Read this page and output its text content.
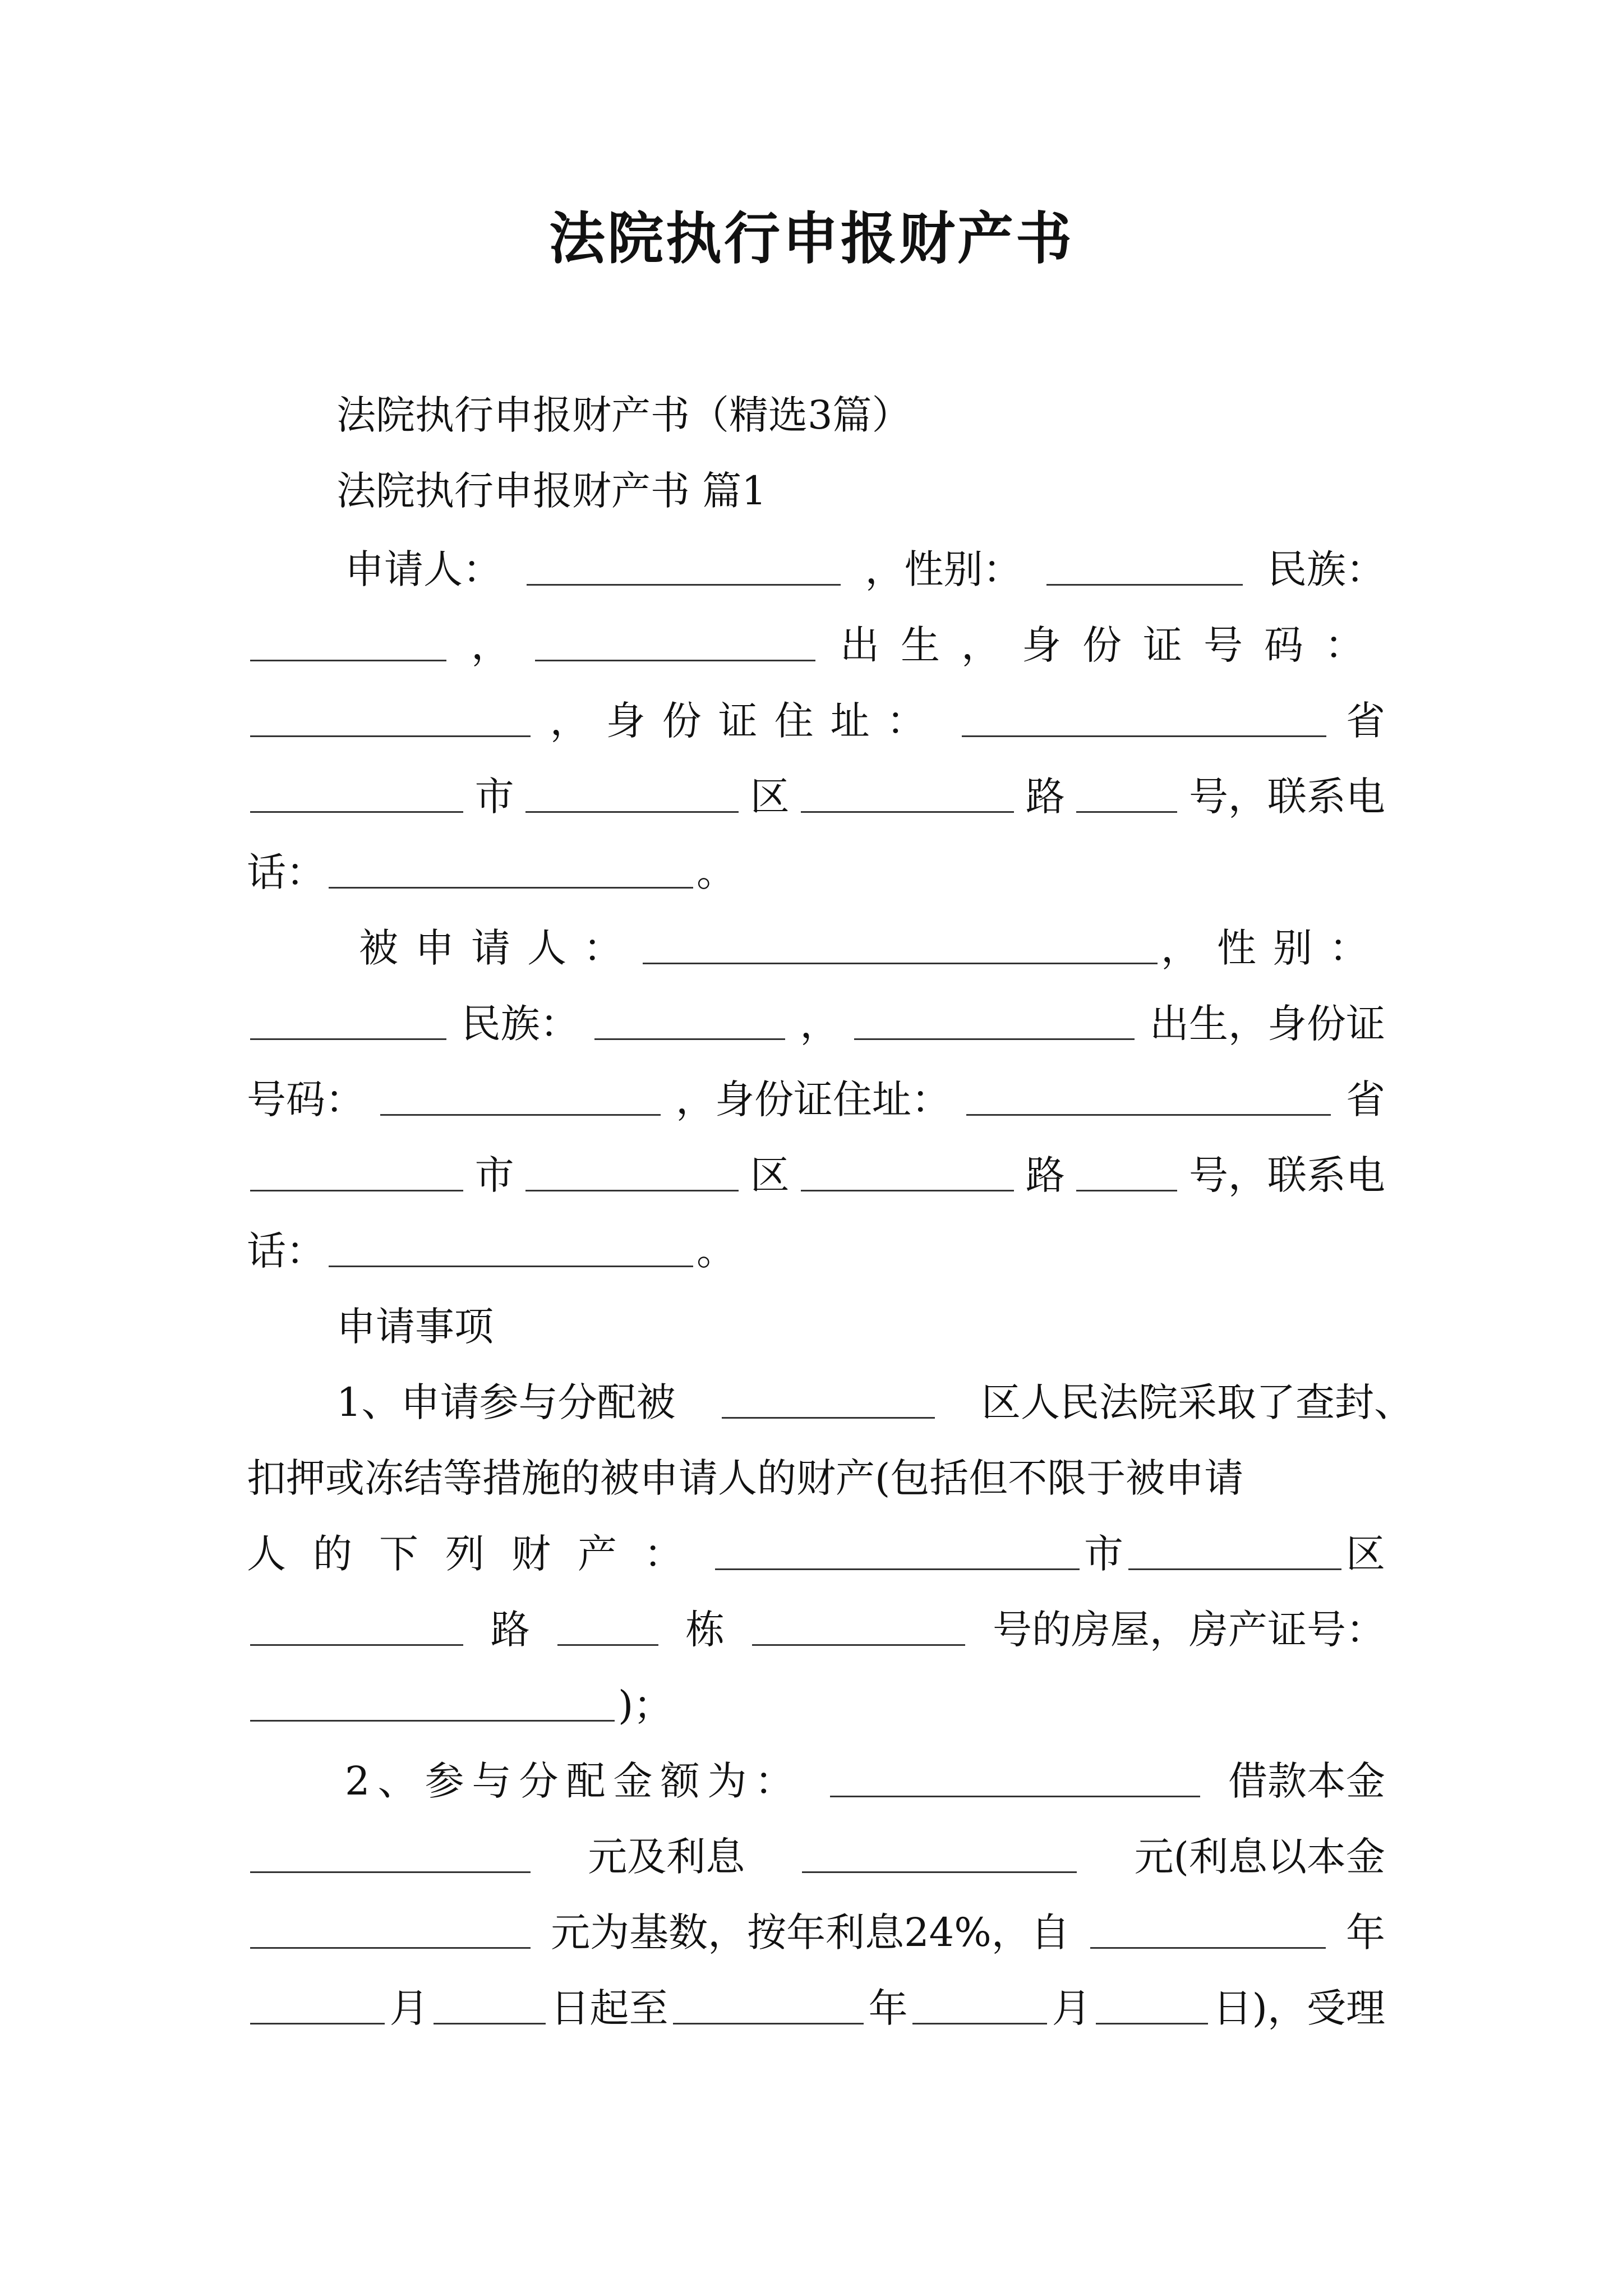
法院执行申报财产书
法院执行申报财产书（精选3篇）
法院执行申报财产书 篇1
申请人：	，性别：	民族：
，	出生，身份证号码：
，身份证住址：	省
市	区	路	号，联系电
话：	。
被申请人：	，性别：
民族：	，	出生，身份证
号码：	，身份证住址：	省
市	区	路	号，联系电
话：	。
申请事项
1、申请参与分配被	区人民法院采取了查封、
扣押或冻结等措施的被申请人的财产(包括但不限于被申请
人的下列财产：	市	区
路	栋	号的房屋，房产证号：
)；
2、参与分配金额为：	借款本金
元及利息	元(利息以本金
元为基数，按年利息24%，自	年
月	日起至	年	月	日)，受理
